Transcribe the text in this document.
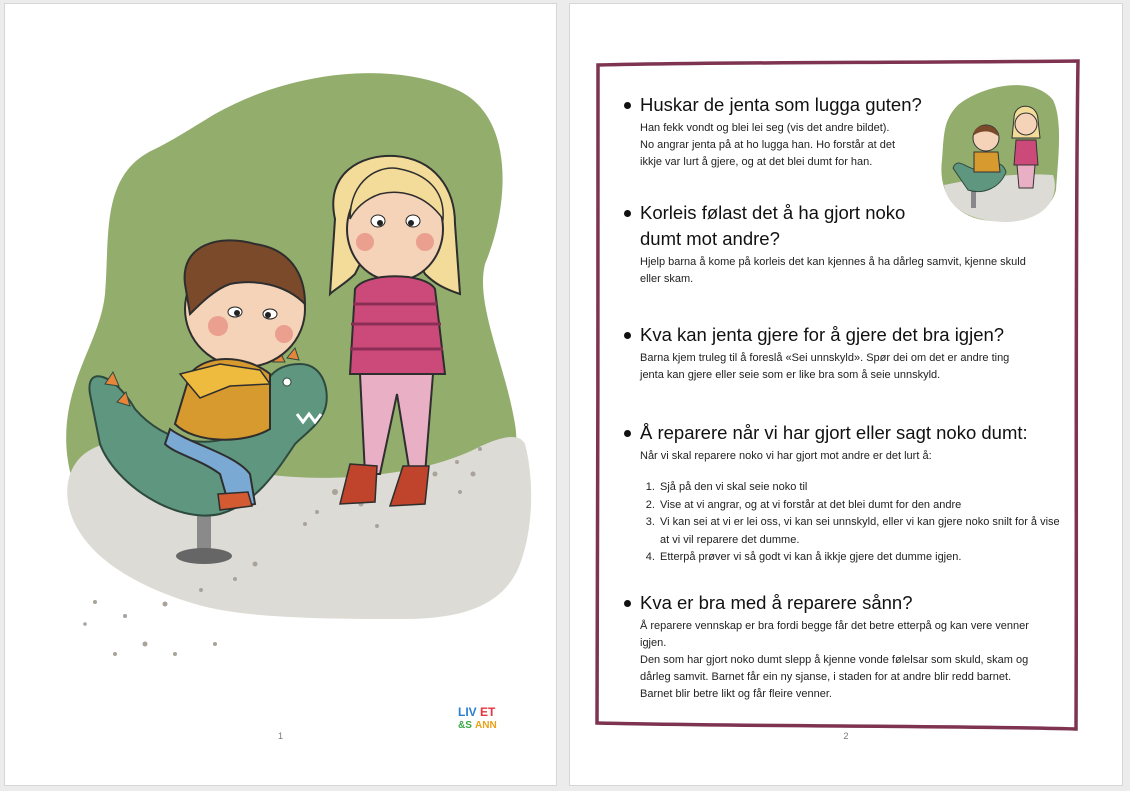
LIV ET
&S ANN
1
Huskar de jenta som lugga guten?

Han fekk vondt og blei lei seg (vis det andre bildet).
No angrar jenta på at ho lugga han. Ho forstår at det
ikkje var lurt å gjere, og at det blei dumt for han.

Korleis følast det å ha gjort noko
dumt mot andre?

Hjelp barna å kome på korleis det kan kjennes å ha dårleg samvit, kjenne skuld
eller skam.

Kva kan jenta gjere for å gjere det bra igjen?

Barna kjem truleg til å foreslå «Sei unnskyld». Spør dei om det er andre ting
jenta kan gjere eller seie som er like bra som å seie unnskyld.

Å reparere når vi har gjort eller sagt noko dumt:

Når vi skal reparere noko vi har gjort mot andre er det lurt å:

1. Sjå på den vi skal seie noko til
2. Vise at vi angrar, og at vi forstår at det blei dumt for den andre
3. Vi kan sei at vi er lei oss, vi kan sei unnskyld, eller vi kan gjere noko snilt for å vise at vi vil reparere det dumme.
4. Etterpå prøver vi så godt vi kan å ikkje gjere det dumme igjen.
Kva er bra med å reparere sånn?

Å reparere vennskap er bra fordi begge får det betre etterpå og kan vere venner
igjen.
Den som har gjort noko dumt slepp å kjenne vonde følelsar som skuld, skam og
dårleg samvit. Barnet får ein ny sjanse, i staden for at andre blir redd barnet.
Barnet blir betre likt og får fleire venner.

2
